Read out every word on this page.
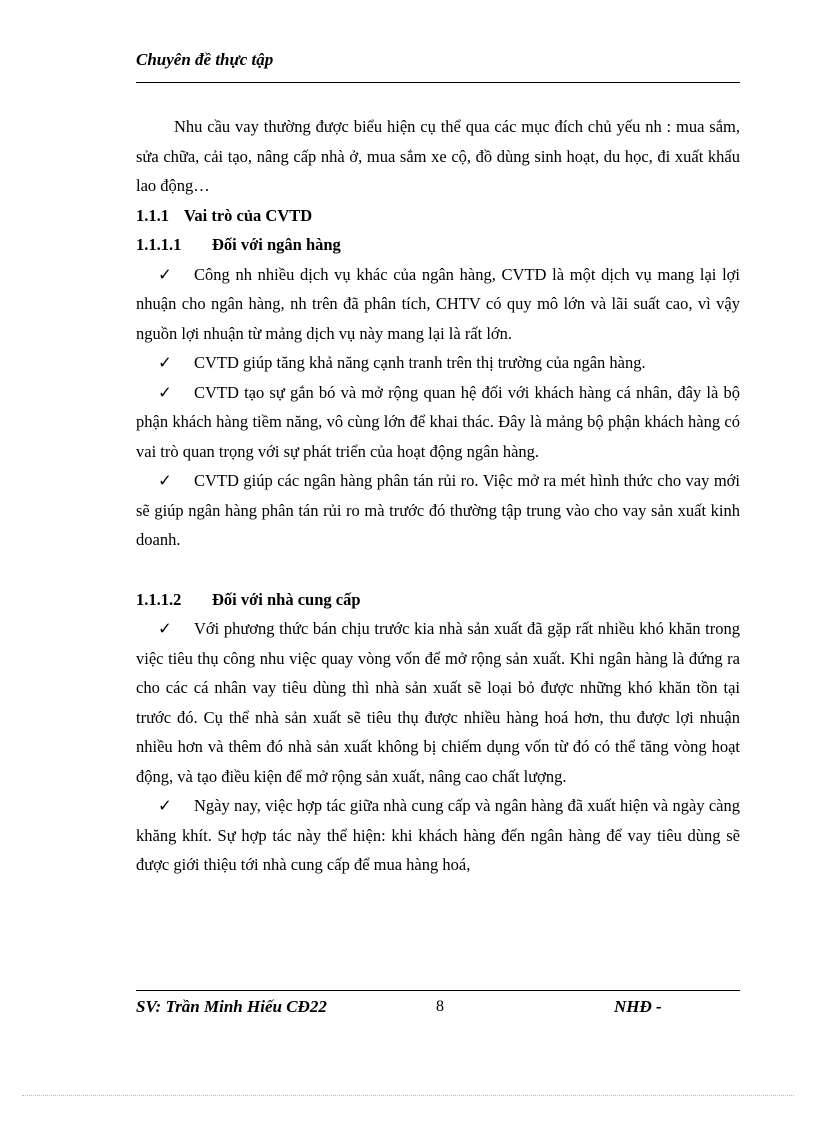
Chuyên đề thực tập

Nhu cầu vay thường được biểu hiện cụ thể qua các mục đích chủ yếu nh : mua sắm, sửa chữa, cải tạo, nâng cấp nhà ở, mua sắm xe cộ, đồ dùng sinh hoạt, du học, đi xuất khẩu lao động…

1.1.1 Vai trò của CVTD

1.1.1.1 Đối với ngân hàng

✓ Công nh nhiều dịch vụ khác của ngân hàng, CVTD là một dịch vụ mang lại lợi nhuận cho ngân hàng, nh trên đã phân tích, CHTV có quy mô lớn và lãi suất cao, vì vậy nguồn lợi nhuận từ mảng dịch vụ này mang lại là rất lớn.

✓ CVTD giúp tăng khả năng cạnh tranh trên thị trường của ngân hàng.

✓ CVTD tạo sự gắn bó và mở rộng quan hệ đối với khách hàng cá nhân, đây là bộ phận khách hàng tiềm năng, vô cùng lớn để khai thác. Đây là mảng bộ phận khách hàng có vai trò quan trọng với sự phát triển của hoạt động ngân hàng.

✓ CVTD giúp các ngân hàng phân tán rủi ro. Việc mở ra mét hình thức cho vay mới sẽ giúp ngân hàng phân tán rủi ro mà trước đó thường tập trung vào cho vay sản xuất kinh doanh.

1.1.1.2 Đối với nhà cung cấp

✓ Với phương thức bán chịu trước kia nhà sản xuất đã gặp rất nhiều khó khăn trong việc tiêu thụ công nhu việc quay vòng vốn để mở rộng sản xuất. Khi ngân hàng là đứng ra cho các cá nhân vay tiêu dùng thì nhà sản xuất sẽ loại bỏ được những khó khăn tồn tại trước đó. Cụ thể nhà sản xuất sẽ tiêu thụ được nhiều hàng hoá hơn, thu được lợi nhuận nhiều hơn và thêm đó nhà sản xuất không bị chiếm dụng vốn từ đó có thể tăng vòng hoạt động, và tạo điều kiện để mở rộng sản xuất, nâng cao chất lượng.

✓ Ngày nay, việc hợp tác giữa nhà cung cấp và ngân hàng đã xuất hiện và ngày càng khăng khít. Sự hợp tác này thể hiện: khi khách hàng đến ngân hàng để vay tiêu dùng sẽ được giới thiệu tới nhà cung cấp để mua hàng hoá,

SV: Trần Minh Hiếu CĐ22	8	NHĐ -
